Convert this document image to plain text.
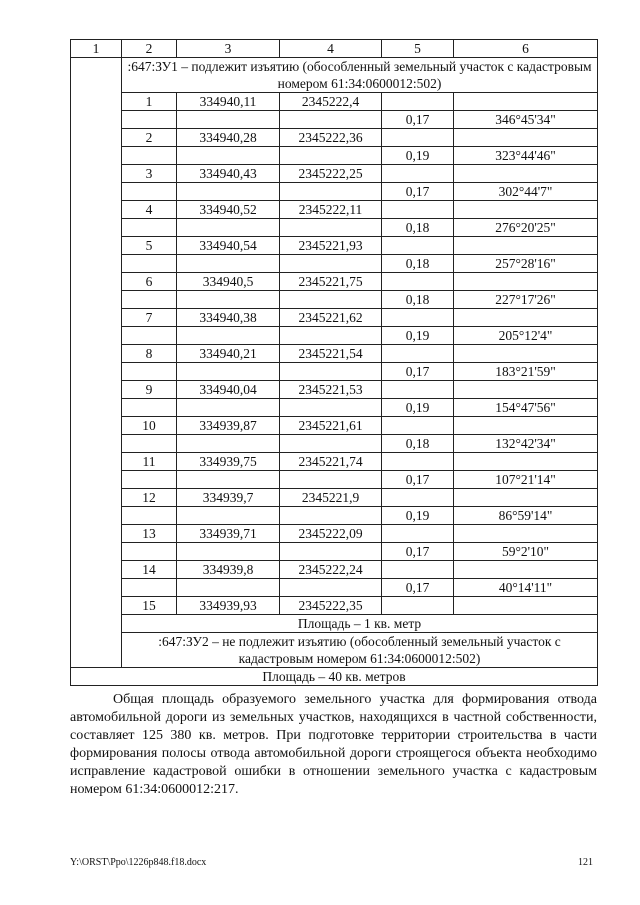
1	2	3	4	5	6
	:647:ЗУ1 – подлежит изъятию (обособленный земельный участок с кадастровым номером 61:34:0600012:502)				
	1	334940,11	2345222,4		
				0,17	346°45'34"
	2	334940,28	2345222,36		
				0,19	323°44'46"
	3	334940,43	2345222,25		
				0,17	302°44'7"
	4	334940,52	2345222,11		
				0,18	276°20'25"
	5	334940,54	2345221,93		
				0,18	257°28'16"
	6	334940,5	2345221,75		
				0,18	227°17'26"
	7	334940,38	2345221,62		
				0,19	205°12'4"
	8	334940,21	2345221,54		
				0,17	183°21'59"
	9	334940,04	2345221,53		
				0,19	154°47'56"
	10	334939,87	2345221,61		
				0,18	132°42'34"
	11	334939,75	2345221,74		
				0,17	107°21'14"
	12	334939,7	2345221,9		
				0,19	86°59'14"
	13	334939,71	2345222,09		
				0,17	59°2'10"
	14	334939,8	2345222,24		
				0,17	40°14'11"
	15	334939,93	2345222,35		
	Площадь – 1 кв. метр				
	:647:ЗУ2 – не подлежит изъятию (обособленный земельный участок с кадастровым номером 61:34:0600012:502)				
Площадь – 40 кв. метров					

Общая площадь образуемого земельного участка для формирования отвода автомобильной дороги из земельных участков, находящихся в частной собственности, составляет 125 380 кв. метров. При подготовке территории строительства в части формирования полосы отвода автомобильной дороги строящегося объекта необходимо исправление кадастровой ошибки в отношении земельного участка с кадастровым номером 61:34:0600012:217.

Y:\ORST\Ppo\1226p848.f18.docx	121
